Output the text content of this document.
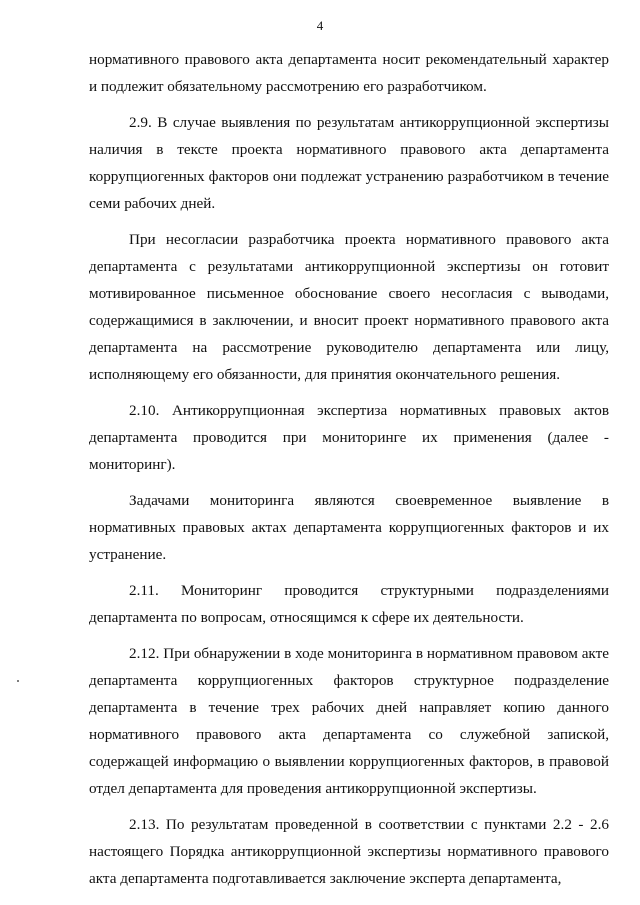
4

нормативного правового акта департамента носит рекомендательный характер и подлежит обязательному рассмотрению его разработчиком.

2.9. В случае выявления по результатам антикоррупционной экспертизы наличия в тексте проекта нормативного правового акта департамента коррупциогенных факторов они подлежат устранению разработчиком в течение семи рабочих дней.

При несогласии разработчика проекта нормативного правового акта департамента с результатами антикоррупционной экспертизы он готовит мотивированное письменное обоснование своего несогласия с выводами, содержащимися в заключении, и вносит проект нормативного правового акта департамента на рассмотрение руководителю департамента или лицу, исполняющему его обязанности, для принятия окончательного решения.

2.10. Антикоррупционная экспертиза нормативных правовых актов департамента проводится при мониторинге их применения (далее - мониторинг).

Задачами мониторинга являются своевременное выявление в нормативных правовых актах департамента коррупциогенных факторов и их устранение.

2.11. Мониторинг проводится структурными подразделениями департамента по вопросам, относящимся к сфере их деятельности.

2.12. При обнаружении в ходе мониторинга в нормативном правовом акте департамента коррупциогенных факторов структурное подразделение департамента в течение трех рабочих дней направляет копию данного нормативного правового акта департамента со служебной запиской, содержащей информацию о выявлении коррупциогенных факторов, в правовой отдел департамента для проведения антикоррупционной экспертизы.

2.13. По результатам проведенной в соответствии с пунктами 2.2 - 2.6 настоящего Порядка антикоррупционной экспертизы нормативного правового акта департамента подготавливается заключение эксперта департамента,
